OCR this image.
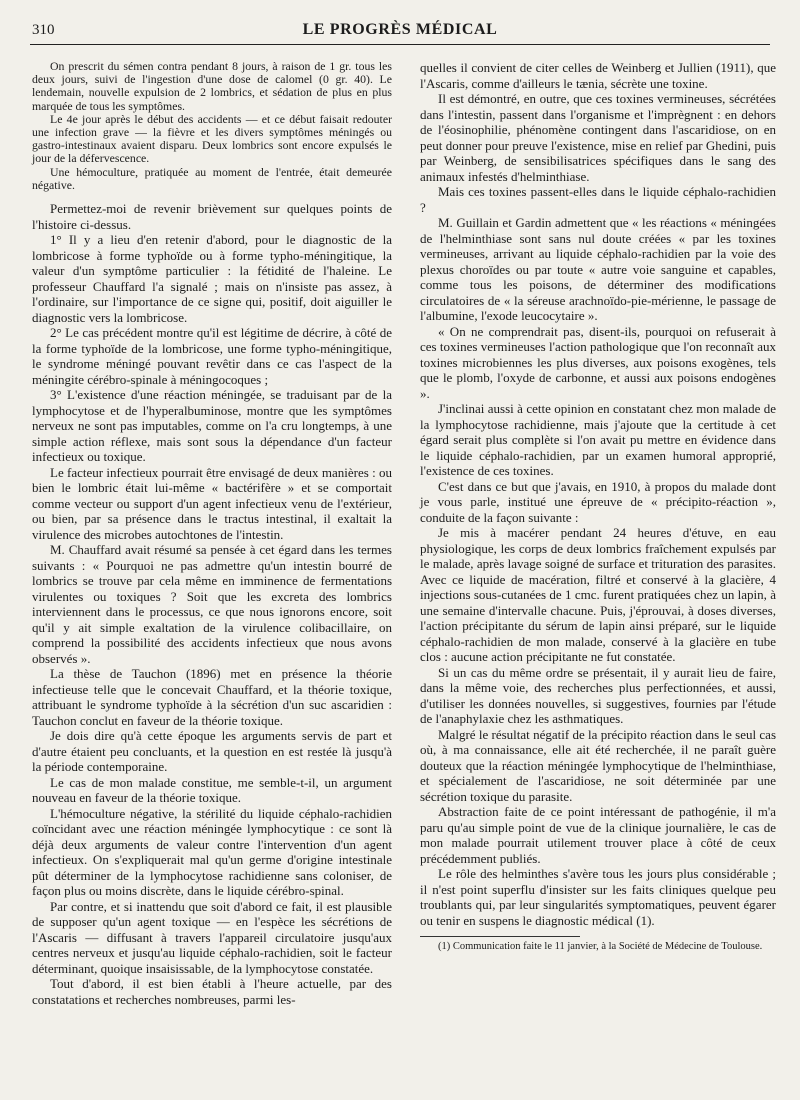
310	LE PROGRÈS MÉDICAL

On prescrit du sémen contra pendant 8 jours, à raison de 1 gr. tous les deux jours, suivi de l'ingestion d'une dose de calomel (0 gr. 40). Le lendemain, nouvelle expulsion de 2 lombrics, et sédation de plus en plus marquée de tous les symptômes.

Le 4e jour après le début des accidents — et ce début faisait redouter une infection grave — la fièvre et les divers symptômes méningés ou gastro-intestinaux avaient disparu. Deux lombrics sont encore expulsés le jour de la défervescence.

Une hémoculture, pratiquée au moment de l'entrée, était demeurée négative.

Permettez-moi de revenir brièvement sur quelques points de l'histoire ci-dessus.

1° Il y a lieu d'en retenir d'abord, pour le diagnostic de la lombricose à forme typhoïde ou à forme typho-méningitique, la valeur d'un symptôme particulier : la fétidité de l'haleine. Le professeur Chauffard l'a signalé ; mais on n'insiste pas assez, à l'ordinaire, sur l'importance de ce signe qui, positif, doit aiguiller le diagnostic vers la lombricose.

2° Le cas précédent montre qu'il est légitime de décrire, à côté de la forme typhoïde de la lombricose, une forme typho-méningitique, le syndrome méningé pouvant revêtir dans ce cas l'aspect de la méningite cérébro-spinale à méningocoques ;

3° L'existence d'une réaction méningée, se traduisant par de la lymphocytose et de l'hyperalbuminose, montre que les symptômes nerveux ne sont pas imputables, comme on l'a cru longtemps, à une simple action réflexe, mais sont sous la dépendance d'un facteur infectieux ou toxique.

Le facteur infectieux pourrait être envisagé de deux manières : ou bien le lombric était lui-même « bactérifère » et se comportait comme vecteur ou support d'un agent infectieux venu de l'extérieur, ou bien, par sa présence dans le tractus intestinal, il exaltait la virulence des microbes autochtones de l'intestin.

M. Chauffard avait résumé sa pensée à cet égard dans les termes suivants : « Pourquoi ne pas admettre qu'un intestin bourré de lombrics se trouve par cela même en imminence de fermentations virulentes ou toxiques ? Soit que les excreta des lombrics interviennent dans le processus, ce que nous ignorons encore, soit qu'il y ait simple exaltation de la virulence colibacillaire, on comprend la possibilité des accidents infectieux que nous avons observés ».

La thèse de Tauchon (1896) met en présence la théorie infectieuse telle que le concevait Chauffard, et la théorie toxique, attribuant le syndrome typhoïde à la sécrétion d'un suc ascaridien : Tauchon conclut en faveur de la théorie toxique.

Je dois dire qu'à cette époque les arguments servis de part et d'autre étaient peu concluants, et la question en est restée là jusqu'à la période contemporaine.

Le cas de mon malade constitue, me semble-t-il, un argument nouveau en faveur de la théorie toxique.

L'hémoculture négative, la stérilité du liquide céphalo-rachidien coïncidant avec une réaction méningée lymphocytique : ce sont là déjà deux arguments de valeur contre l'intervention d'un agent infectieux. On s'expliquerait mal qu'un germe d'origine intestinale pût déterminer de la lymphocytose rachidienne sans coloniser, de façon plus ou moins discrète, dans le liquide cérébro-spinal.

Par contre, et si inattendu que soit d'abord ce fait, il est plausible de supposer qu'un agent toxique — en l'espèce les sécrétions de l'Ascaris — diffusant à travers l'appareil circulatoire jusqu'aux centres nerveux et jusqu'au liquide céphalo-rachidien, soit le facteur déterminant, quoique insaisissable, de la lymphocytose constatée.

Tout d'abord, il est bien établi à l'heure actuelle, par des constatations et recherches nombreuses, parmi les-

quelles il convient de citer celles de Weinberg et Jullien (1911), que l'Ascaris, comme d'ailleurs le tænia, sécrète une toxine.

Il est démontré, en outre, que ces toxines vermineuses, sécrétées dans l'intestin, passent dans l'organisme et l'imprègnent : en dehors de l'éosinophilie, phénomène contingent dans l'ascaridiose, on en peut donner pour preuve l'existence, mise en relief par Ghedini, puis par Weinberg, de sensibilisatrices spécifiques dans le sang des animaux infestés d'helminthiase.

Mais ces toxines passent-elles dans le liquide céphalo-rachidien ?

M. Guillain et Gardin admettent que « les réactions « méningées de l'helminthiase sont sans nul doute créées « par les toxines vermineuses, arrivant au liquide céphalo-rachidien par la voie des plexus choroïdes ou par toute « autre voie sanguine et capables, comme tous les poisons, de déterminer des modifications circulatoires de « la séreuse arachnoïdo-pie-mérienne, le passage de l'albumine, l'exode leucocytaire ».

« On ne comprendrait pas, disent-ils, pourquoi on refuserait à ces toxines vermineuses l'action pathologique que l'on reconnaît aux toxines microbiennes les plus diverses, aux poisons exogènes, tels que le plomb, l'oxyde de carbonne, et aussi aux poisons endogènes ».

J'inclinai aussi à cette opinion en constatant chez mon malade de la lymphocytose rachidienne, mais j'ajoute que la certitude à cet égard serait plus complète si l'on avait pu mettre en évidence dans le liquide céphalo-rachidien, par un examen humoral approprié, l'existence de ces toxines.

C'est dans ce but que j'avais, en 1910, à propos du malade dont je vous parle, institué une épreuve de « précipito-réaction », conduite de la façon suivante :

Je mis à macérer pendant 24 heures d'étuve, en eau physiologique, les corps de deux lombrics fraîchement expulsés par le malade, après lavage soigné de surface et trituration des parasites. Avec ce liquide de macération, filtré et conservé à la glacière, 4 injections sous-cutanées de 1 cmc. furent pratiquées chez un lapin, à une semaine d'intervalle chacune. Puis, j'éprouvai, à doses diverses, l'action précipitante du sérum de lapin ainsi préparé, sur le liquide céphalo-rachidien de mon malade, conservé à la glacière en tube clos : aucune action précipitante ne fut constatée.

Si un cas du même ordre se présentait, il y aurait lieu de faire, dans la même voie, des recherches plus perfectionnées, et aussi, d'utiliser les données nouvelles, si suggestives, fournies par l'étude de l'anaphylaxie chez les asthmatiques.

Malgré le résultat négatif de la précipito réaction dans le seul cas où, à ma connaissance, elle ait été recherchée, il ne paraît guère douteux que la réaction méningée lymphocytique de l'helminthiase, et spécialement de l'ascaridiose, ne soit déterminée par une sécrétion toxique du parasite.

Abstraction faite de ce point intéressant de pathogénie, il m'a paru qu'au simple point de vue de la clinique journalière, le cas de mon malade pourrait utilement trouver place à côté de ceux précédemment publiés.

Le rôle des helminthes s'avère tous les jours plus considérable ; il n'est point superflu d'insister sur les faits cliniques quelque peu troublants qui, par leur singularités symptomatiques, peuvent égarer ou tenir en suspens le diagnostic médical (1).

(1) Communication faite le 11 janvier, à la Société de Médecine de Toulouse.
